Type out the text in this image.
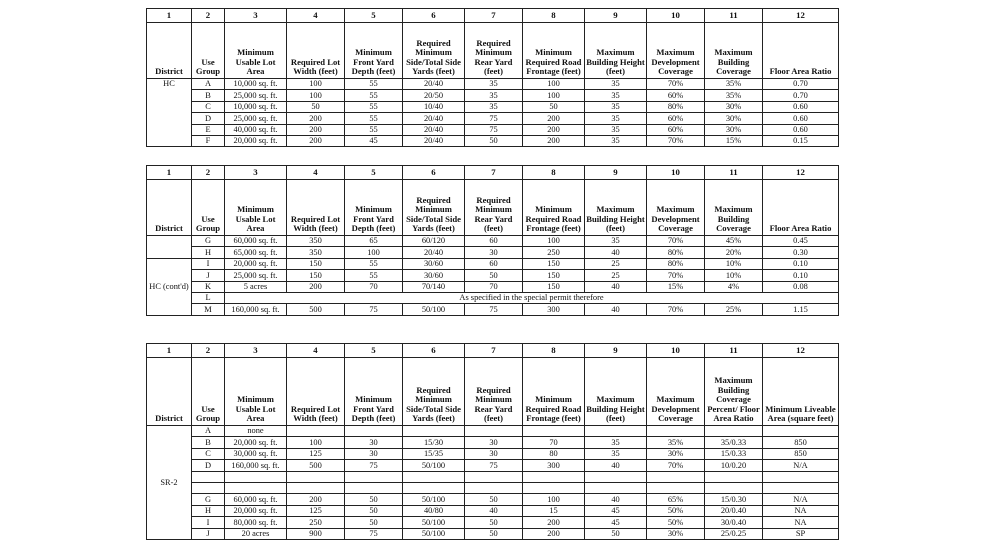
1	2	3	4	5	6	7	8	9	10	11	12
District	Use Group	Minimum Usable Lot Area	Required Lot Width (feet)	Minimum Front Yard Depth (feet)	Required Minimum Side/Total Side Yards (feet)	Required Minimum Rear Yard (feet)	Minimum Required Road Frontage (feet)	Maximum Building Height (feet)	Maximum Development Coverage	Maximum Building Coverage	Floor Area Ratio
HC	A	10,000 sq. ft.	100	55	20/40	35	100	35	70%	35%	0.70
	B	25,000 sq. ft.	100	55	20/50	35	100	35	60%	35%	0.70
	C	10,000 sq. ft.	50	55	10/40	35	50	35	80%	30%	0.60
	D	25,000 sq. ft.	200	55	20/40	75	200	35	60%	30%	0.60
	E	40,000 sq. ft.	200	55	20/40	75	200	35	60%	30%	0.60
	F	20,000 sq. ft.	200	45	20/40	50	200	35	70%	15%	0.15
1	2	3	4	5	6	7	8	9	10	11	12
District	Use Group	Minimum Usable Lot Area	Required Lot Width (feet)	Minimum Front Yard Depth (feet)	Required Minimum Side/Total Side Yards (feet)	Required Minimum Rear Yard (feet)	Minimum Required Road Frontage (feet)	Maximum Building Height (feet)	Maximum Development Coverage	Maximum Building Coverage	Floor Area Ratio
	G	60,000 sq. ft.	350	65	60/120	60	100	35	70%	45%	0.45
	H	65,000 sq. ft.	350	100	20/40	30	250	40	80%	20%	0.30
HC (cont'd)	I	20,000 sq. ft.	150	55	30/60	60	150	25	80%	10%	0.10
	J	25,000 sq. ft.	150	55	30/60	50	150	25	70%	10%	0.10
	K	5 acres	200	70	70/140	70	150	40	15%	4%	0.08
	L	As specified in the special permit therefore									
	M	160,000 sq. ft.	500	75	50/100	75	300	40	70%	25%	1.15
1	2	3	4	5	6	7	8	9	10	11	12
District	Use Group	Minimum Usable Lot Area	Required Lot Width (feet)	Minimum Front Yard Depth (feet)	Required Minimum Side/Total Side Yards (feet)	Required Minimum Rear Yard (feet)	Minimum Required Road Frontage (feet)	Maximum Building Height (feet)	Maximum Development Coverage	Maximum Building Coverage Percent/ Floor Area Ratio	Minimum Liveable Area (square feet)
SR-2	A	none									
	B	20,000 sq. ft.	100	30	15/30	30	70	35	35%	35/0.33	850
	C	30,000 sq. ft.	125	30	15/35	30	80	35	30%	15/0.33	850
	D	160,000 sq. ft.	500	75	50/100	75	300	40	70%	10/0.20	N/A

	G	60,000 sq. ft.	200	50	50/100	50	100	40	65%	15/0.30	N/A
	H	20,000 sq. ft.	125	50	40/80	40	15	45	50%	20/0.40	NA
	I	80,000 sq. ft.	250	50	50/100	50	200	45	50%	30/0.40	NA
	J	20 acres	900	75	50/100	50	200	50	30%	25/0.25	SP
